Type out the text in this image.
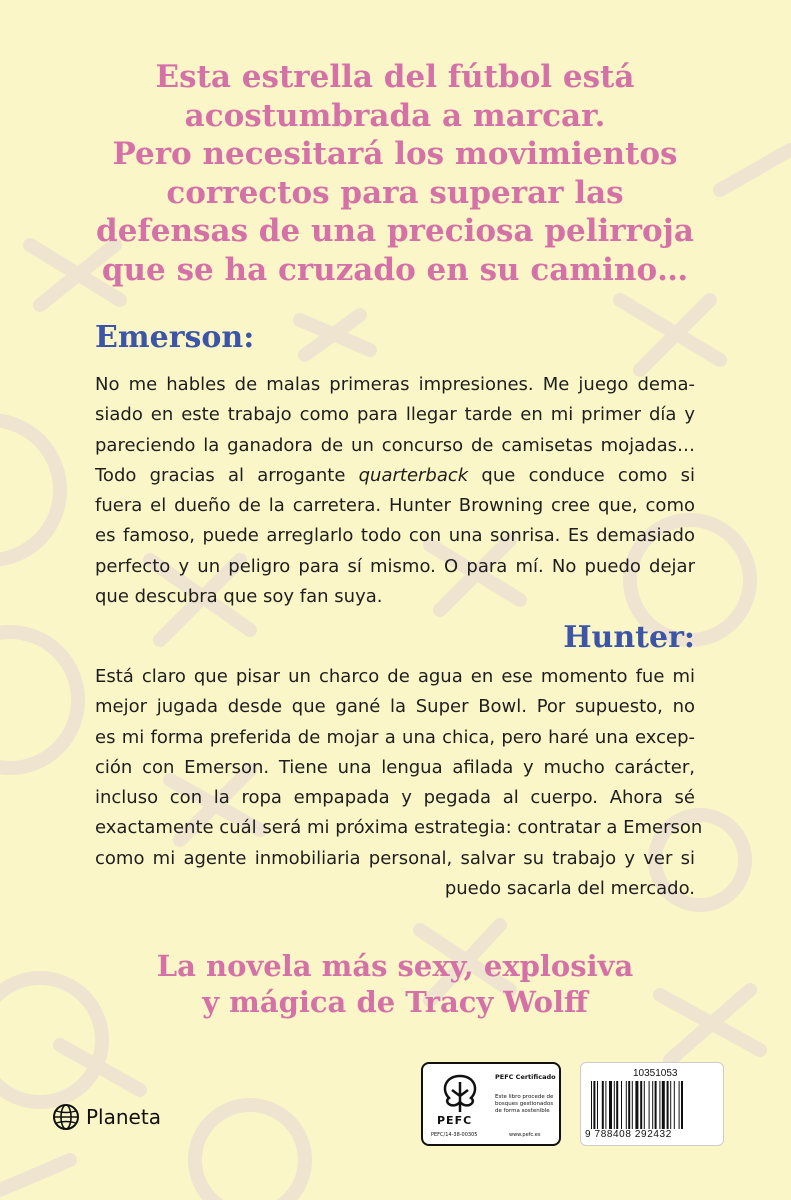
Esta estrella del fútbol está
acostumbrada a marcar.
Pero necesitará los movimientos
correctos para superar las
defensas de una preciosa pelirroja
que se ha cruzado en su camino…

Emerson:
No me hables de malas primeras impresiones. Me juego dema-
siado en este trabajo como para llegar tarde en mi primer día y
pareciendo la ganadora de un concurso de camisetas mojadas…
Todo gracias al arrogante quarterback que conduce como si
fuera el dueño de la carretera. Hunter Browning cree que, como
es famoso, puede arreglarlo todo con una sonrisa. Es demasiado
perfecto y un peligro para sí mismo. O para mí. No puedo dejar
que descubra que soy fan suya.
Hunter:
Está claro que pisar un charco de agua en ese momento fue mi
mejor jugada desde que gané la Super Bowl. Por supuesto, no
es mi forma preferida de mojar a una chica, pero haré una excep-
ción con Emerson. Tiene una lengua afilada y mucho carácter,
incluso con la ropa empapada y pegada al cuerpo. Ahora sé
exactamente cuál será mi próxima estrategia: contratar a Emerson
como mi agente inmobiliaria personal, salvar su trabajo y ver si
puedo sacarla del mercado.

La novela más sexy, explosiva
y mágica de Tracy Wolff

Planeta	PEFC
PEFC Certificado
Este libro procede de bosques gestionados de forma sostenible
PEFC/14-38-00305	www.pefc.es
10351053
9 788408 292432
